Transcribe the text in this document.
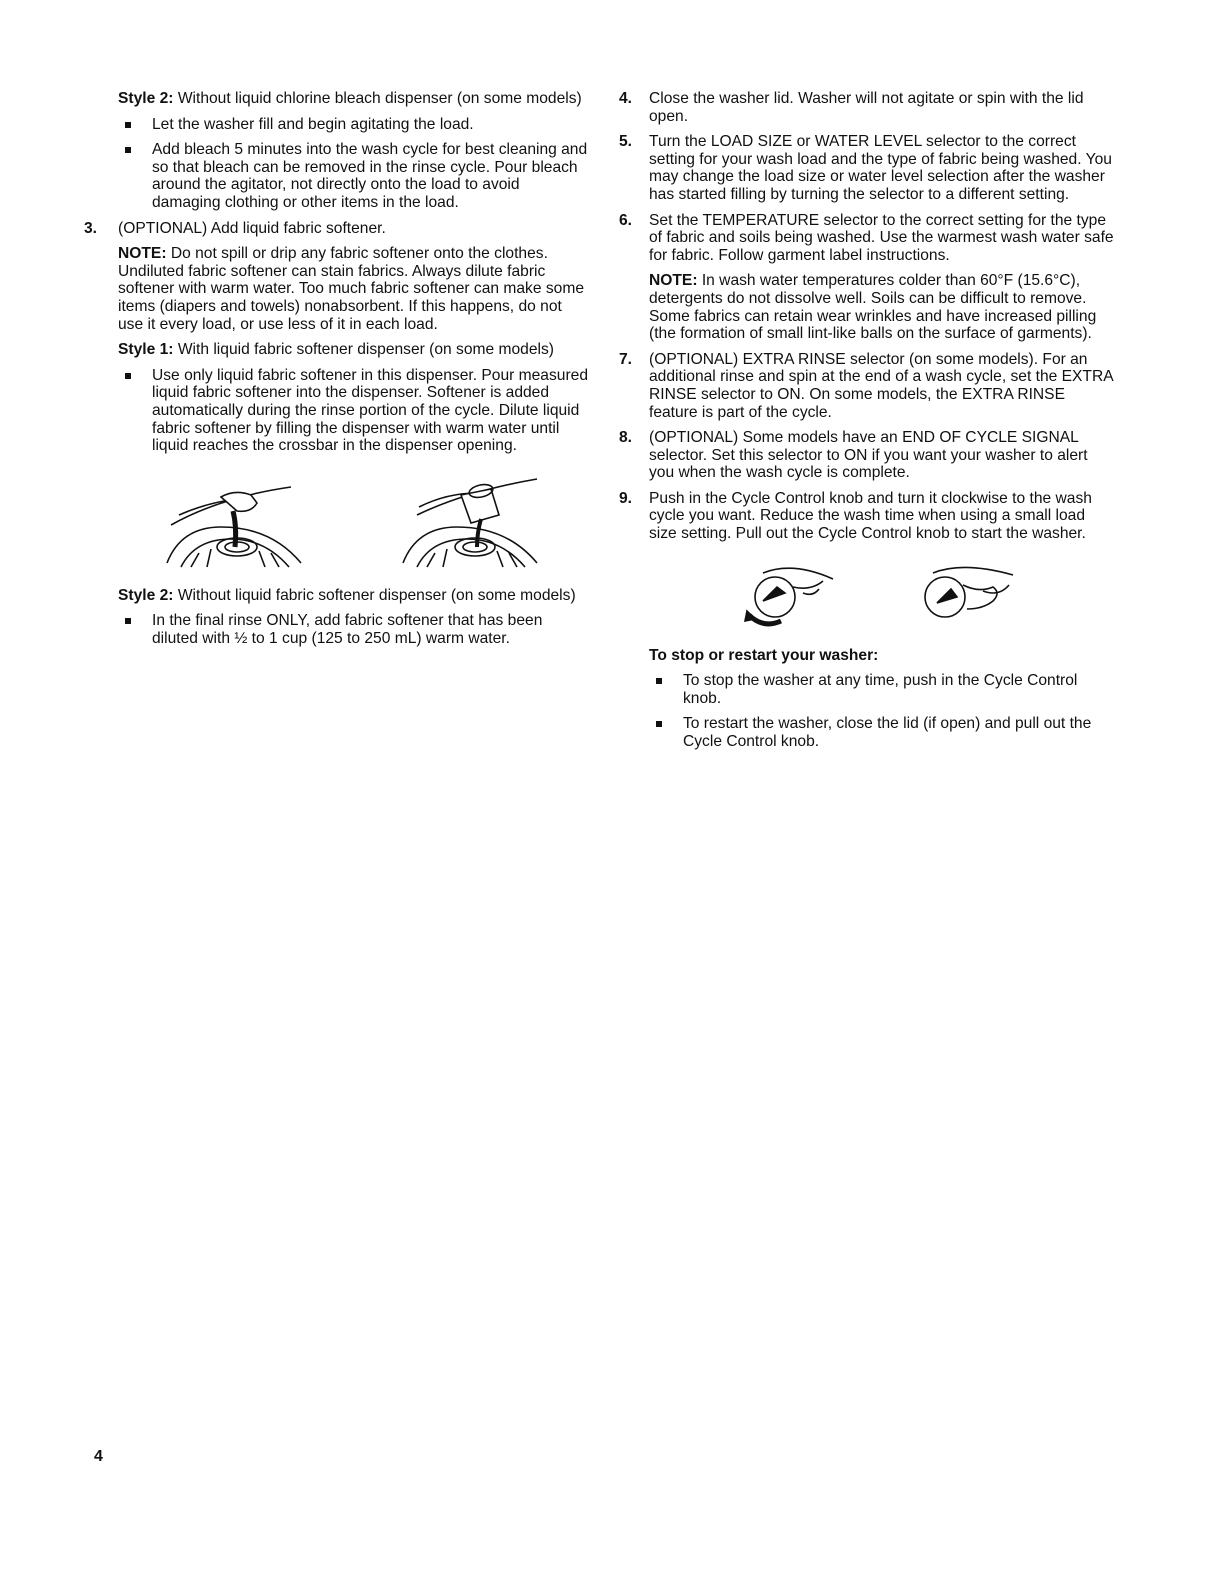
Style 2: Without liquid chlorine bleach dispenser (on some models)

Let the washer fill and begin agitating the load.

Add bleach 5 minutes into the wash cycle for best cleaning and so that bleach can be removed in the rinse cycle. Pour bleach around the agitator, not directly onto the load to avoid damaging clothing or other items in the load.

3. (OPTIONAL) Add liquid fabric softener.

NOTE: Do not spill or drip any fabric softener onto the clothes. Undiluted fabric softener can stain fabrics. Always dilute fabric softener with warm water. Too much fabric softener can make some items (diapers and towels) nonabsorbent. If this happens, do not use it every load, or use less of it in each load.

Style 1: With liquid fabric softener dispenser (on some models)

Use only liquid fabric softener in this dispenser. Pour measured liquid fabric softener into the dispenser. Softener is added automatically during the rinse portion of the cycle. Dilute liquid fabric softener by filling the dispenser with warm water until liquid reaches the crossbar in the dispenser opening.

Style 2: Without liquid fabric softener dispenser (on some models)

In the final rinse ONLY, add fabric softener that has been diluted with ½ to 1 cup (125 to 250 mL) warm water.

4. Close the washer lid. Washer will not agitate or spin with the lid open.

5. Turn the LOAD SIZE or WATER LEVEL selector to the correct setting for your wash load and the type of fabric being washed. You may change the load size or water level selection after the washer has started filling by turning the selector to a different setting.

6. Set the TEMPERATURE selector to the correct setting for the type of fabric and soils being washed. Use the warmest wash water safe for fabric. Follow garment label instructions.

NOTE: In wash water temperatures colder than 60°F (15.6°C), detergents do not dissolve well. Soils can be difficult to remove. Some fabrics can retain wear wrinkles and have increased pilling (the formation of small lint-like balls on the surface of garments).

7. (OPTIONAL) EXTRA RINSE selector (on some models). For an additional rinse and spin at the end of a wash cycle, set the EXTRA RINSE selector to ON. On some models, the EXTRA RINSE feature is part of the cycle.

8. (OPTIONAL) Some models have an END OF CYCLE SIGNAL selector. Set this selector to ON if you want your washer to alert you when the wash cycle is complete.

9. Push in the Cycle Control knob and turn it clockwise to the wash cycle you want. Reduce the wash time when using a small load size setting. Pull out the Cycle Control knob to start the washer.

To stop or restart your washer:

To stop the washer at any time, push in the Cycle Control knob.

To restart the washer, close the lid (if open) and pull out the Cycle Control knob.

4
